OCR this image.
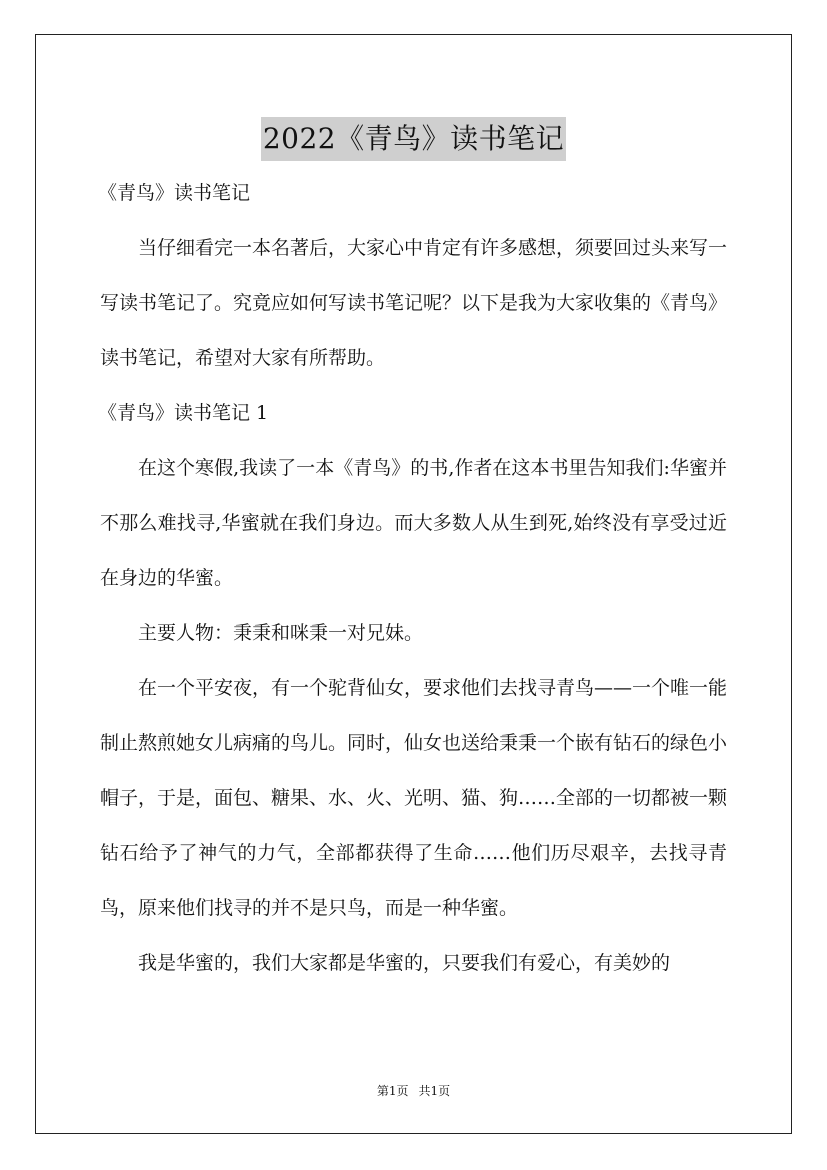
2022《青鸟》读书笔记

《青鸟》读书笔记

当仔细看完一本名著后，大家心中肯定有许多感想，须要回过头来写一写读书笔记了。究竟应如何写读书笔记呢？以下是我为大家收集的《青鸟》读书笔记，希望对大家有所帮助。

《青鸟》读书笔记 1

在这个寒假,我读了一本《青鸟》的书,作者在这本书里告知我们:华蜜并不那么难找寻,华蜜就在我们身边。而大多数人从生到死,始终没有享受过近在身边的华蜜。

主要人物：秉秉和咪秉一对兄妹。

在一个平安夜，有一个驼背仙女，要求他们去找寻青鸟——一个唯一能制止熬煎她女儿病痛的鸟儿。同时，仙女也送给秉秉一个嵌有钻石的绿色小帽子，于是，面包、糖果、水、火、光明、猫、狗……全部的一切都被一颗钻石给予了神气的力气，全部都获得了生命……他们历尽艰辛，去找寻青鸟，原来他们找寻的并不是只鸟，而是一种华蜜。

我是华蜜的，我们大家都是华蜜的，只要我们有爱心，有美妙的

第1页 共1页
